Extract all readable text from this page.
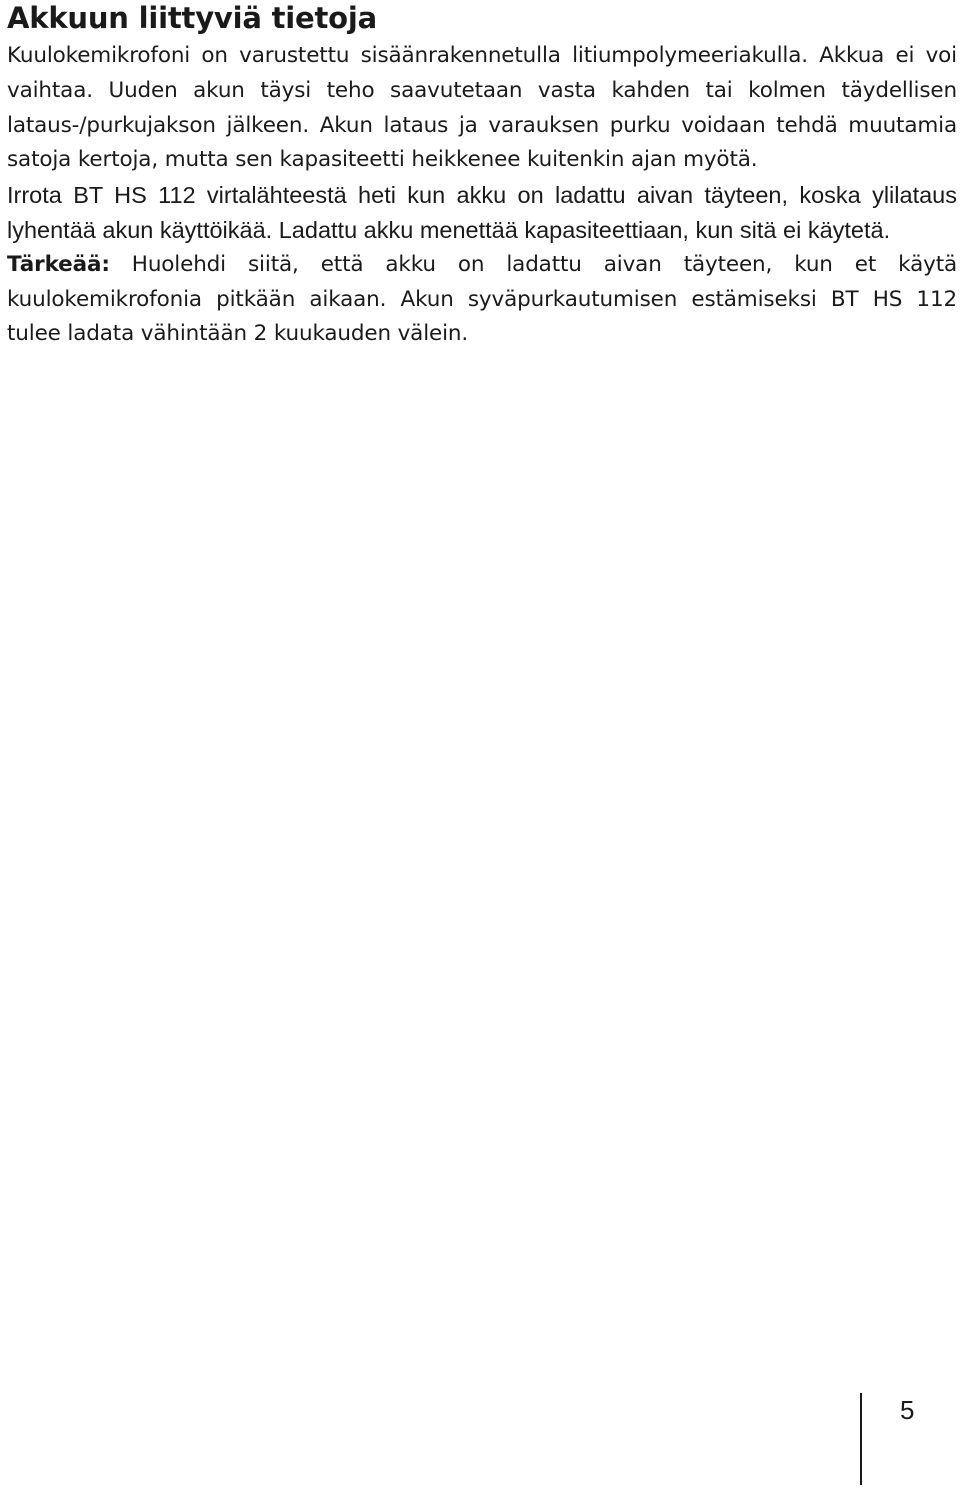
Akkuun liittyviä tietoja

Kuulokemikrofoni on varustettu sisäänrakennetulla litiumpolymeeriakulla. Akkua ei voi vaihtaa. Uuden akun täysi teho saavutetaan vasta kahden tai kolmen täydellisen lataus-/purkujakson jälkeen. Akun lataus ja varauksen purku voidaan tehdä muutamia satoja kertoja, mutta sen kapasiteetti heikkenee kuitenkin ajan myötä.

Irrota BT HS 112 virtalähteestä heti kun akku on ladattu aivan täyteen, koska ylilataus lyhentää akun käyttöikää. Ladattu akku menettää kapasiteettiaan, kun sitä ei käytetä.

Tärkeää: Huolehdi siitä, että akku on ladattu aivan täyteen, kun et käytä kuulokemikrofonia pitkään aikaan. Akun syväpurkautumisen estämiseksi BT HS 112 tulee ladata vähintään 2 kuukauden välein.

5
